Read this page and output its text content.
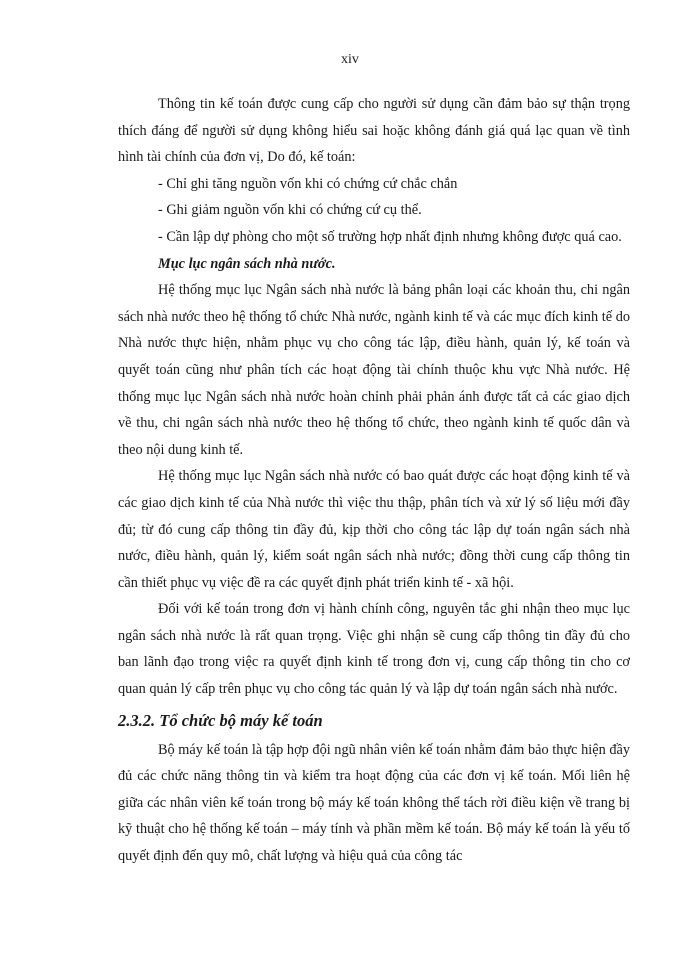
xiv

Thông tin kế toán được cung cấp cho người sử dụng cần đảm bảo sự thận trọng thích đáng để người sử dụng không hiểu sai hoặc không đánh giá quá lạc quan về tình hình tài chính của đơn vị, Do đó, kế toán:

- Chỉ ghi tăng nguồn vốn khi có chứng cứ chắc chắn

- Ghi giảm nguồn vốn khi có chứng cứ cụ thể.

- Cần lập dự phòng cho một số trường hợp nhất định nhưng không được quá cao.

Mục lục ngân sách nhà nước.

Hệ thống mục lục Ngân sách nhà nước là bảng phân loại các khoản thu, chi ngân sách nhà nước theo hệ thống tổ chức Nhà nước, ngành kinh tế và các mục đích kinh tế do Nhà nước thực hiện, nhằm phục vụ cho công tác lập, điều hành, quản lý, kế toán và quyết toán cũng như phân tích các hoạt động tài chính thuộc khu vực Nhà nước. Hệ thống mục lục Ngân sách nhà nước hoàn chỉnh phải phản ánh được tất cả các giao dịch về thu, chi ngân sách nhà nước theo hệ thống tổ chức, theo ngành kinh tế quốc dân và theo nội dung kinh tế.

Hệ thống mục lục Ngân sách nhà nước có bao quát được các hoạt động kinh tế và các giao dịch kinh tế của Nhà nước thì việc thu thập, phân tích và xử lý số liệu mới đầy đủ; từ đó cung cấp thông tin đầy đủ, kịp thời cho công tác lập dự toán ngân sách nhà nước, điều hành, quản lý, kiểm soát ngân sách nhà nước; đồng thời cung cấp thông tin cần thiết phục vụ việc đề ra các quyết định phát triển kinh tế - xã hội.

Đối với kế toán trong đơn vị hành chính công, nguyên tắc ghi nhận theo mục lục ngân sách nhà nước là rất quan trọng. Việc ghi nhận sẽ cung cấp thông tin đầy đủ cho ban lãnh đạo trong việc ra quyết định kinh tế trong đơn vị, cung cấp thông tin cho cơ quan quản lý cấp trên phục vụ cho công tác quản lý và lập dự toán ngân sách nhà nước.

2.3.2. Tổ chức bộ máy kế toán

Bộ máy kế toán là tập hợp đội ngũ nhân viên kế toán nhằm đảm bảo thực hiện đầy đủ các chức năng thông tin và kiểm tra hoạt động của các đơn vị kế toán. Mối liên hệ giữa các nhân viên kế toán trong bộ máy kế toán không thể tách rời điều kiện về trang bị kỹ thuật cho hệ thống kế toán – máy tính và phần mềm kế toán. Bộ máy kế toán là yếu tố quyết định đến quy mô, chất lượng và hiệu quả của công tác
